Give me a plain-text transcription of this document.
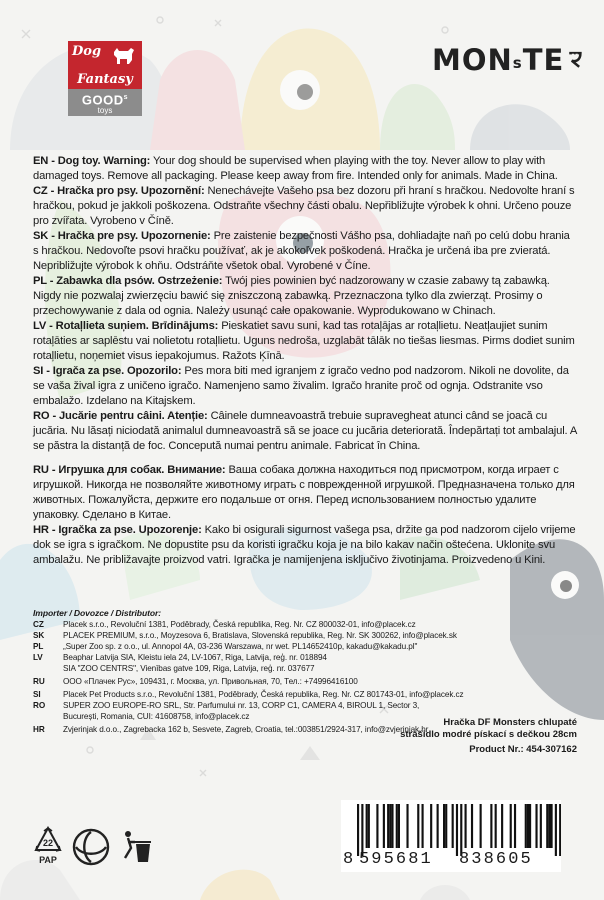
Dog
Fantasy
GOOD$^s$
toys
MON s TE

EN - Dog toy. Warning: Your dog should be supervised when playing with the toy. Never allow to play with damaged toys. Remove all packaging. Please keep away from fire. Intended only for animals. Made in China.

CZ - Hračka pro psy. Upozornění: Nenechávejte Vašeho psa bez dozoru při hraní s hračkou. Nedovolte hraní s hračkou, pokud je jakkoli poškozena. Odstraňte všechny části obalu. Nepřibližujte výrobek k ohni. Určeno pouze pro zvířata. Vyrobeno v Číně.

SK - Hračka pre psy. Upozornenie: Pre zaistenie bezpečnosti Vášho psa, dohliadajte naň po celú dobu hrania s hračkou. Nedovoľte psovi hračku používať, ak je akokoľvek poškodená. Hračka je určená iba pre zvieratá. Nepribližujte výrobok k ohňu. Odstráňte všetok obal. Vyrobené v Číne.

PL - Zabawka dla psów. Ostrzeżenie: Twój pies powinien być nadzorowany w czasie zabawy tą zabawką. Nigdy nie pozwalaj zwierzęciu bawić się zniszczoną zabawką. Przeznaczona tylko dla zwierząt. Prosimy o przechowywanie z dala od ognia. Należy usunąć całe opakowanie. Wyprodukowano w Chinach.

LV - Rotaļlieta suņiem. Brīdinājums: Pieskatiet savu suni, kad tas rotaļājas ar rotaļlietu. Neatļaujiet sunim rotaļāties ar saplēstu vai nolietotu rotaļlietu. Uguns nedroša, uzglabāt tālāk no tiešas liesmas. Pirms dodiet sunim rotaļlietu, noņemiet visus iepakojumus. Ražots Ķīnā.

SI - Igrača za pse. Opozorilo: Pes mora biti med igranjem z igračo vedno pod nadzorom. Nikoli ne dovolite, da se vaša žival igra z uničeno igračo. Namenjeno samo živalim. Igračo hranite proč od ognja. Odstranite vso embalažo. Izdelano na Kitajskem.

RO - Jucărie pentru câini. Atenție: Câinele dumneavoastră trebuie supravegheat atunci când se joacă cu jucăria. Nu lăsați niciodată animalul dumneavoastră să se joace cu jucăria deteriorată. Îndepărtați tot ambalajul. A se păstra la distanță de foc. Concepută numai pentru animale. Fabricat în China.

RU - Игрушка для собак. Внимание: Ваша собака должна находиться под присмотром, когда играет с игрушкой. Никогда не позволяйте животному играть с поврежденной игрушкой. Предназначена только для животных. Пожалуйста, держите его подальше от огня. Перед использованием полностью удалите упаковку. Сделано в Китае.

HR - Igračka za pse. Upozorenje: Kako bi osigurali sigurnost vašega psa, držite ga pod nadzorom cijelo vrijeme dok se igra s igračkom. Ne dopustite psu da koristi igračku koja je na bilo kakav način oštećena. Uklonite svu ambalažu. Ne približavajte proizvod vatri. Igračka je namijenjena isključivo životinjama. Proizvedeno u Kini.

Importer / Dovozce / Distributor:
CZ	Placek s.r.o., Revoluční 1381, Poděbrady, Česká republika, Reg. Nr. CZ 800032-01, info@placek.cz
SK	PLACEK PREMIUM, s.r.o., Moyzesova 6, Bratislava, Slovenská republika, Reg. Nr. SK 300262, info@placek.sk
PL	„Super Zoo sp. z o.o., ul. Annopol 4A, 03-236 Warszawa, nr wet. PL14652410p, kakadu@kakadu.pl"
LV	Beaphar Latvija SIA, Kleistu iela 24, LV-1067, Riga, Latvija, reģ. nr. 018894
SIA "ZOO CENTRS", Vienības gatve 109, Riga, Latvija, reģ. nr. 037677
RU	ООО «Плачек Рус», 109431, г. Москва, ул. Привольная, 70, Тел.: +74996416100
SI	Placek Pet Products s.r.o., Revoluční 1381, Poděbrady, Česká republika, Reg. Nr. CZ 801743-01, info@placek.cz
RO	SUPER ZOO EUROPE-RO SRL, Str. Parfumului nr. 13, CORP C1, CAMERA 4, BIROUL 1, Sector 3,
București, Romania, CUI: 41608758, info@placek.cz
HR	Zvjerinjak d.o.o., Zagrebacka 162 b, Sesvete, Zagreb, Croatia, tel.:003851/2924-317, info@zvjerinjak.hr
Hračka DF Monsters chlupaté
strašidlo modré pískací s dečkou 28cm
Product Nr.: 454-307162
22
PAP	8 595681 838605
